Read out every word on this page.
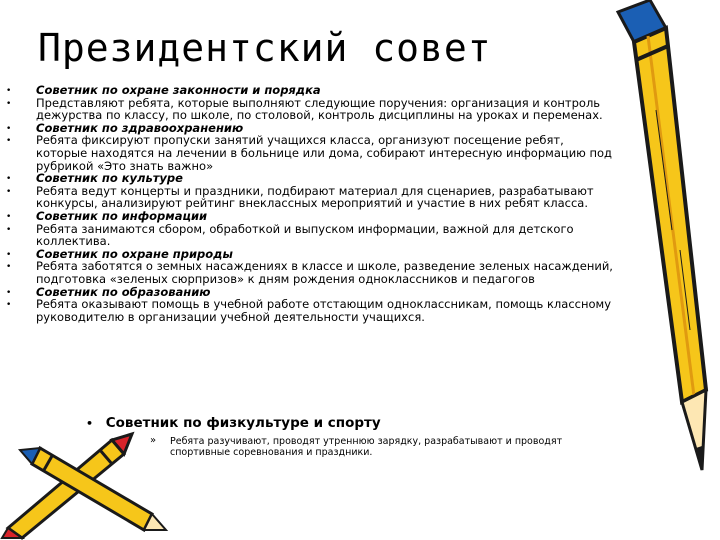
Президентский совет
• Советник по охране законности и порядка
• Представляют ребята, которые выполняют следующие поручения: организация и контроль дежурства по классу, по школе, по столовой, контроль дисциплины на уроках и переменах.
• Советник по здравоохранению
• Ребята фиксируют пропуски занятий учащихся класса, организуют посещение ребят, которые находятся на лечении в больнице или дома, собирают интересную информацию под рубрикой «Это знать важно»
• Советник по культуре
• Ребята ведут концерты и праздники, подбирают материал для сценариев, разрабатывают конкурсы, анализируют рейтинг внеклассных мероприятий и участие в них ребят класса.
• Советник по информации
• Ребята занимаются сбором, обработкой и выпуском информации, важной для детского коллектива.
• Советник по охране природы
• Ребята заботятся о земных насаждениях в классе и школе, разведение зеленых насаждений, подготовка «зеленых сюрпризов» к дням рождения одноклассников и педагогов
• Советник по образованию
• Ребята оказывают помощь в учебной работе отстающим одноклассникам, помощь классному руководителю в организации учебной деятельности учащихся.
• Советник по физкультуре и спорту
»	Ребята разучивают, проводят утреннюю зарядку, разрабатывают и проводят спортивные соревнования и праздники.
